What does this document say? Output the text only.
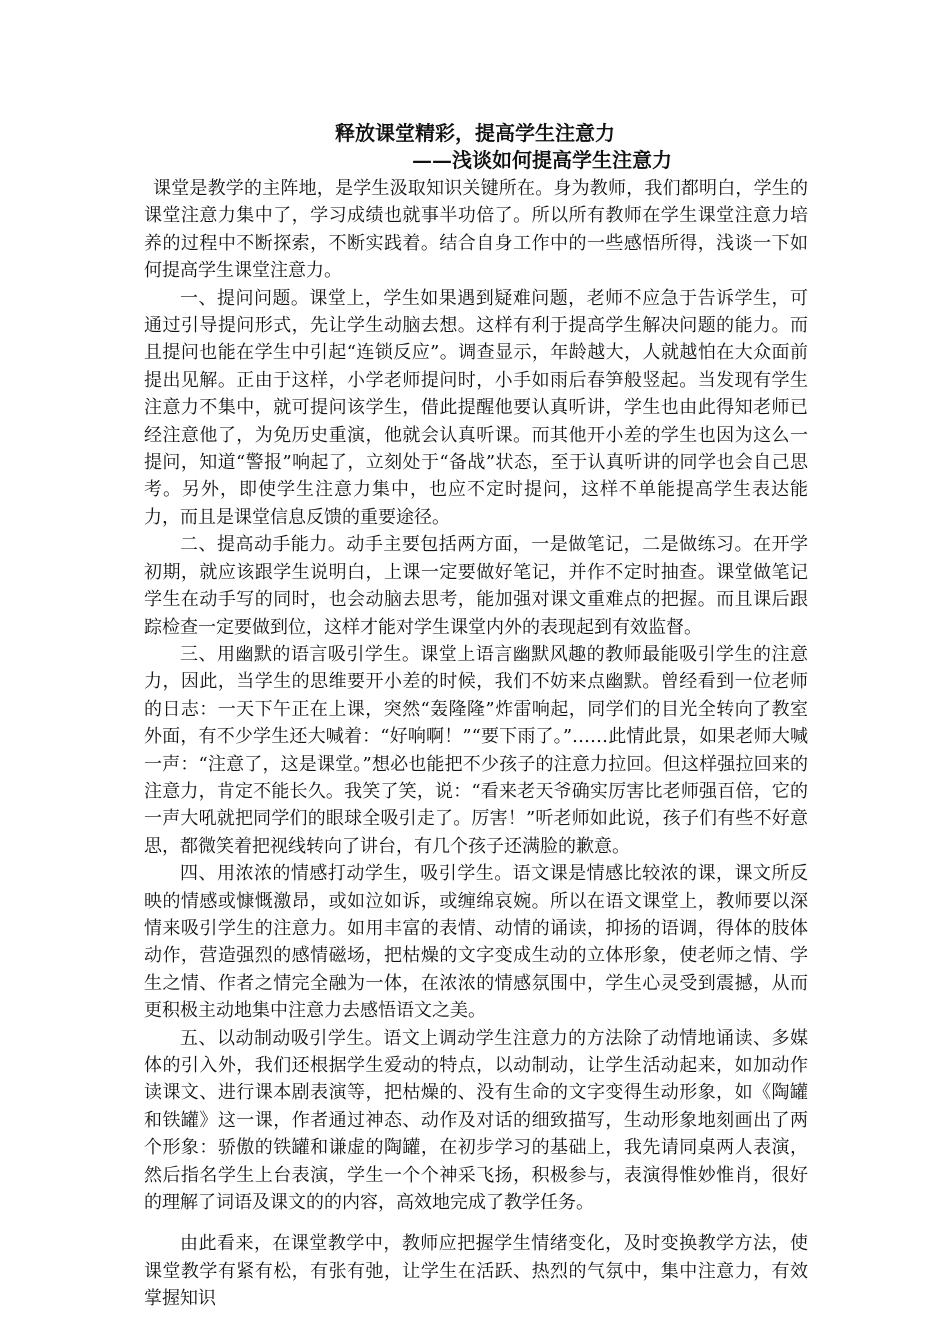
释放课堂精彩，提高学生注意力
——浅谈如何提高学生注意力

课堂是教学的主阵地，是学生汲取知识关键所在。身为教师，我们都明白，学生的课堂注意力集中了，学习成绩也就事半功倍了。所以所有教师在学生课堂注意力培养的过程中不断探索，不断实践着。结合自身工作中的一些感悟所得，浅谈一下如何提高学生课堂注意力。

一、提问问题。课堂上，学生如果遇到疑难问题，老师不应急于告诉学生，可通过引导提问形式，先让学生动脑去想。这样有利于提高学生解决问题的能力。而且提问也能在学生中引起“连锁反应”。调查显示，年龄越大，人就越怕在大众面前提出见解。正由于这样，小学老师提问时，小手如雨后春笋般竖起。当发现有学生注意力不集中，就可提问该学生，借此提醒他要认真听讲，学生也由此得知老师已经注意他了，为免历史重演，他就会认真听课。而其他开小差的学生也因为这么一提问，知道“警报”响起了，立刻处于“备战”状态，至于认真听讲的同学也会自己思考。另外，即使学生注意力集中，也应不定时提问，这样不单能提高学生表达能力，而且是课堂信息反馈的重要途径。

二、提高动手能力。动手主要包括两方面，一是做笔记，二是做练习。在开学初期，就应该跟学生说明白，上课一定要做好笔记，并作不定时抽查。课堂做笔记学生在动手写的同时，也会动脑去思考，能加强对课文重难点的把握。而且课后跟踪检查一定要做到位，这样才能对学生课堂内外的表现起到有效监督。

三、用幽默的语言吸引学生。课堂上语言幽默风趣的教师最能吸引学生的注意力，因此，当学生的思维要开小差的时候，我们不妨来点幽默。曾经看到一位老师的日志：一天下午正在上课，突然“轰隆隆”炸雷响起，同学们的目光全转向了教室外面，有不少学生还大喊着：“好响啊！”“要下雨了。”……此情此景，如果老师大喊一声：“注意了，这是课堂。”想必也能把不少孩子的注意力拉回。但这样强拉回来的注意力，肯定不能长久。我笑了笑，说：“看来老天爷确实厉害比老师强百倍，它的一声大吼就把同学们的眼球全吸引走了。厉害！”听老师如此说，孩子们有些不好意思，都微笑着把视线转向了讲台，有几个孩子还满脸的歉意。

四、用浓浓的情感打动学生，吸引学生。语文课是情感比较浓的课，课文所反映的情感或慷慨激昂，或如泣如诉，或缠绵哀婉。所以在语文课堂上，教师要以深情来吸引学生的注意力。如用丰富的表情、动情的诵读，抑扬的语调，得体的肢体动作，营造强烈的感情磁场，把枯燥的文字变成生动的立体形象，使老师之情、学生之情、作者之情完全融为一体，在浓浓的情感氛围中，学生心灵受到震撼，从而更积极主动地集中注意力去感悟语文之美。

五、以动制动吸引学生。语文上调动学生注意力的方法除了动情地诵读、多媒体的引入外，我们还根据学生爱动的特点，以动制动，让学生活动起来，如加动作读课文、进行课本剧表演等，把枯燥的、没有生命的文字变得生动形象，如《陶罐和铁罐》这一课，作者通过神态、动作及对话的细致描写，生动形象地刻画出了两个形象：骄傲的铁罐和谦虚的陶罐，在初步学习的基础上，我先请同桌两人表演，然后指名学生上台表演，学生一个个神采飞扬，积极参与，表演得惟妙惟肖，很好的理解了词语及课文的的内容，高效地完成了教学任务。

由此看来，在课堂教学中，教师应把握学生情绪变化，及时变换教学方法，使课堂教学有紧有松，有张有弛，让学生在活跃、热烈的气氛中，集中注意力，有效掌握知识
